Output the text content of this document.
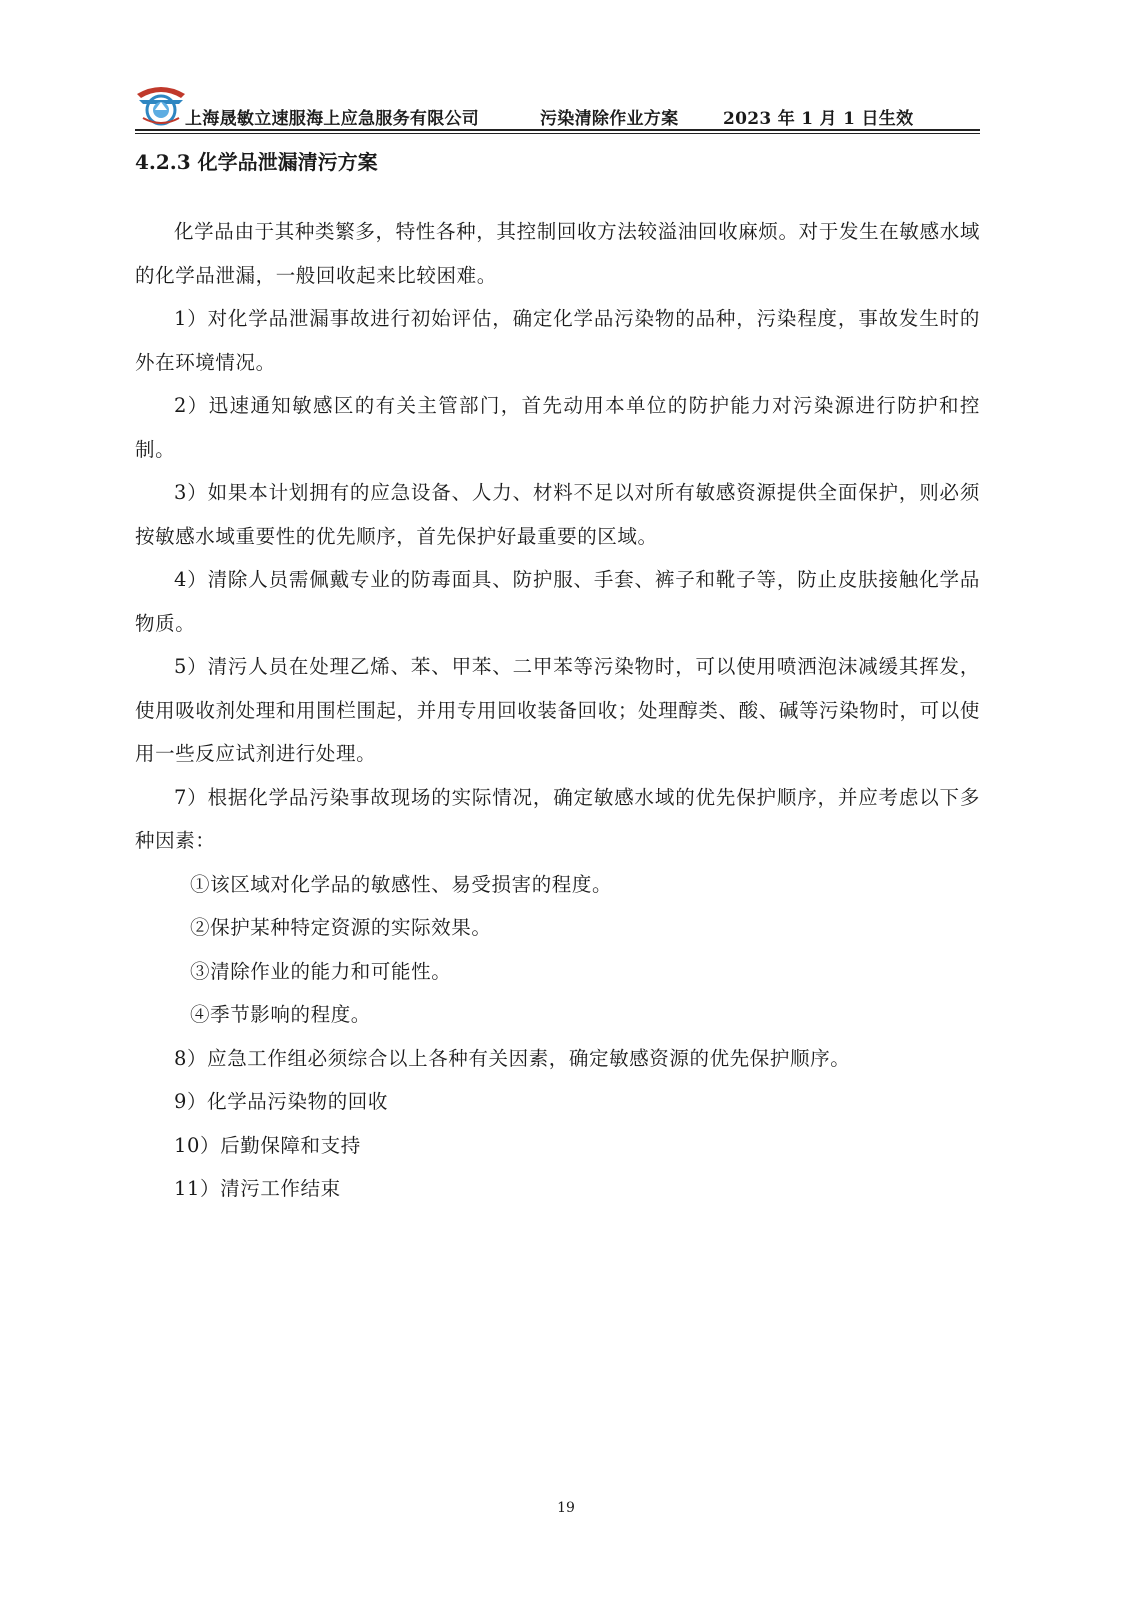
上海晟敏立速服海上应急服务有限公司	污染清除作业方案	2023 年 1 月 1 日生效
4.2.3 化学品泄漏清污方案

化学品由于其种类繁多，特性各种，其控制回收方法较溢油回收麻烦。对于发生在敏感水域的化学品泄漏，一般回收起来比较困难。

1）对化学品泄漏事故进行初始评估，确定化学品污染物的品种，污染程度，事故发生时的外在环境情况。

2）迅速通知敏感区的有关主管部门，首先动用本单位的防护能力对污染源进行防护和控制。

3）如果本计划拥有的应急设备、人力、材料不足以对所有敏感资源提供全面保护，则必须按敏感水域重要性的优先顺序，首先保护好最重要的区域。

4）清除人员需佩戴专业的防毒面具、防护服、手套、裤子和靴子等，防止皮肤接触化学品物质。

5）清污人员在处理乙烯、苯、甲苯、二甲苯等污染物时，可以使用喷洒泡沫减缓其挥发，使用吸收剂处理和用围栏围起，并用专用回收装备回收；处理醇类、酸、碱等污染物时，可以使用一些反应试剂进行处理。

7）根据化学品污染事故现场的实际情况，确定敏感水域的优先保护顺序，并应考虑以下多种因素：

①该区域对化学品的敏感性、易受损害的程度。

②保护某种特定资源的实际效果。

③清除作业的能力和可能性。

④季节影响的程度。

8）应急工作组必须综合以上各种有关因素，确定敏感资源的优先保护顺序。

9）化学品污染物的回收

10）后勤保障和支持

11）清污工作结束

19
